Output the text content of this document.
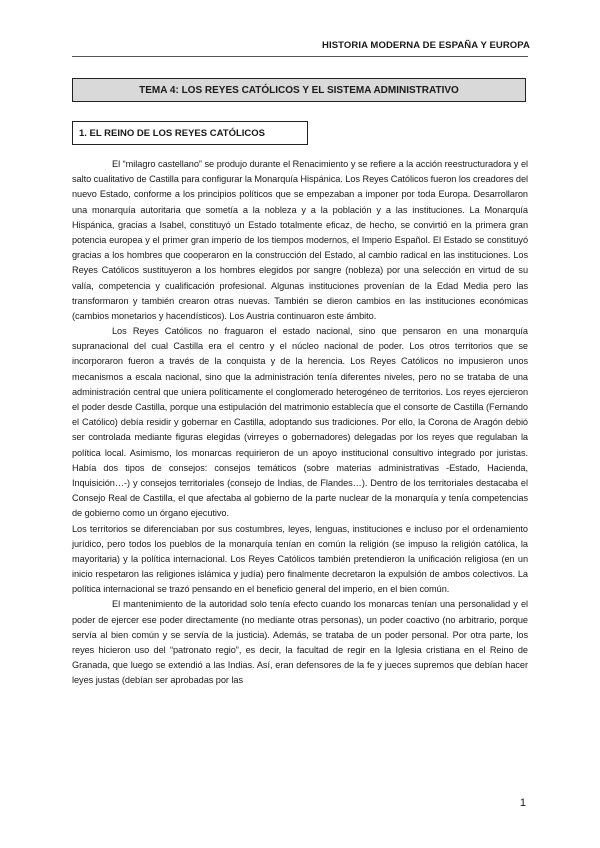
HISTORIA MODERNA DE ESPAÑA Y EUROPA
TEMA 4: LOS REYES CATÓLICOS Y EL SISTEMA ADMINISTRATIVO
1. EL REINO DE LOS REYES CATÓLICOS

El “milagro castellano” se produjo durante el Renacimiento y se refiere a la acción reestructuradora y el salto cualitativo de Castilla para configurar la Monarquía Hispánica. Los Reyes Católicos fueron los creadores del nuevo Estado, conforme a los principios políticos que se empezaban a imponer por toda Europa. Desarrollaron una monarquía autoritaria que sometía a la nobleza y a la población y a las instituciones. La Monarquía Hispánica, gracias a Isabel, constituyó un Estado totalmente eficaz, de hecho, se convirtió en la primera gran potencia europea y el primer gran imperio de los tiempos modernos, el Imperio Español. El Estado se constituyó gracias a los hombres que cooperaron en la construcción del Estado, al cambio radical en las instituciones. Los Reyes Católicos sustituyeron a los hombres elegidos por sangre (nobleza) por una selección en virtud de su valía, competencia y cualificación profesional. Algunas instituciones provenían de la Edad Media pero las transformaron y también crearon otras nuevas. También se dieron cambios en las instituciones económicas (cambios monetarios y hacendísticos). Los Austria continuaron este ámbito.

Los Reyes Católicos no fraguaron el estado nacional, sino que pensaron en una monarquía supranacional del cual Castilla era el centro y el núcleo nacional de poder. Los otros territorios que se incorporaron fueron a través de la conquista y de la herencia. Los Reyes Católicos no impusieron unos mecanismos a escala nacional, sino que la administración tenía diferentes niveles, pero no se trataba de una administración central que uniera políticamente el conglomerado heterogéneo de territorios. Los reyes ejercieron el poder desde Castilla, porque una estipulación del matrimonio establecía que el consorte de Castilla (Fernando el Católico) debía residir y gobernar en Castilla, adoptando sus tradiciones. Por ello, la Corona de Aragón debió ser controlada mediante figuras elegidas (virreyes o gobernadores) delegadas por los reyes que regulaban la política local. Asimismo, los monarcas requirieron de un apoyo institucional consultivo integrado por juristas. Había dos tipos de consejos: consejos temáticos (sobre materias administrativas -Estado, Hacienda, Inquisición…-) y consejos territoriales (consejo de Indias, de Flandes…). Dentro de los territoriales destacaba el Consejo Real de Castilla, el que afectaba al gobierno de la parte nuclear de la monarquía y tenía competencias de gobierno como un órgano ejecutivo.

Los territorios se diferenciaban por sus costumbres, leyes, lenguas, instituciones e incluso por el ordenamiento jurídico, pero todos los pueblos de la monarquía tenían en común la religión (se impuso la religión católica, la mayoritaria) y la política internacional. Los Reyes Católicos también pretendieron la unificación religiosa (en un inicio respetaron las religiones islámica y judía) pero finalmente decretaron la expulsión de ambos colectivos. La política internacional se trazó pensando en el beneficio general del imperio, en el bien común.

El mantenimiento de la autoridad solo tenía efecto cuando los monarcas tenían una personalidad y el poder de ejercer ese poder directamente (no mediante otras personas), un poder coactivo (no arbitrario, porque servía al bien común y se servía de la justicia). Además, se trataba de un poder personal. Por otra parte, los reyes hicieron uso del “patronato regio”, es decir, la facultad de regir en la Iglesia cristiana en el Reino de Granada, que luego se extendió a las Indias. Así, eran defensores de la fe y jueces supremos que debían hacer leyes justas (debían ser aprobadas por las

1
